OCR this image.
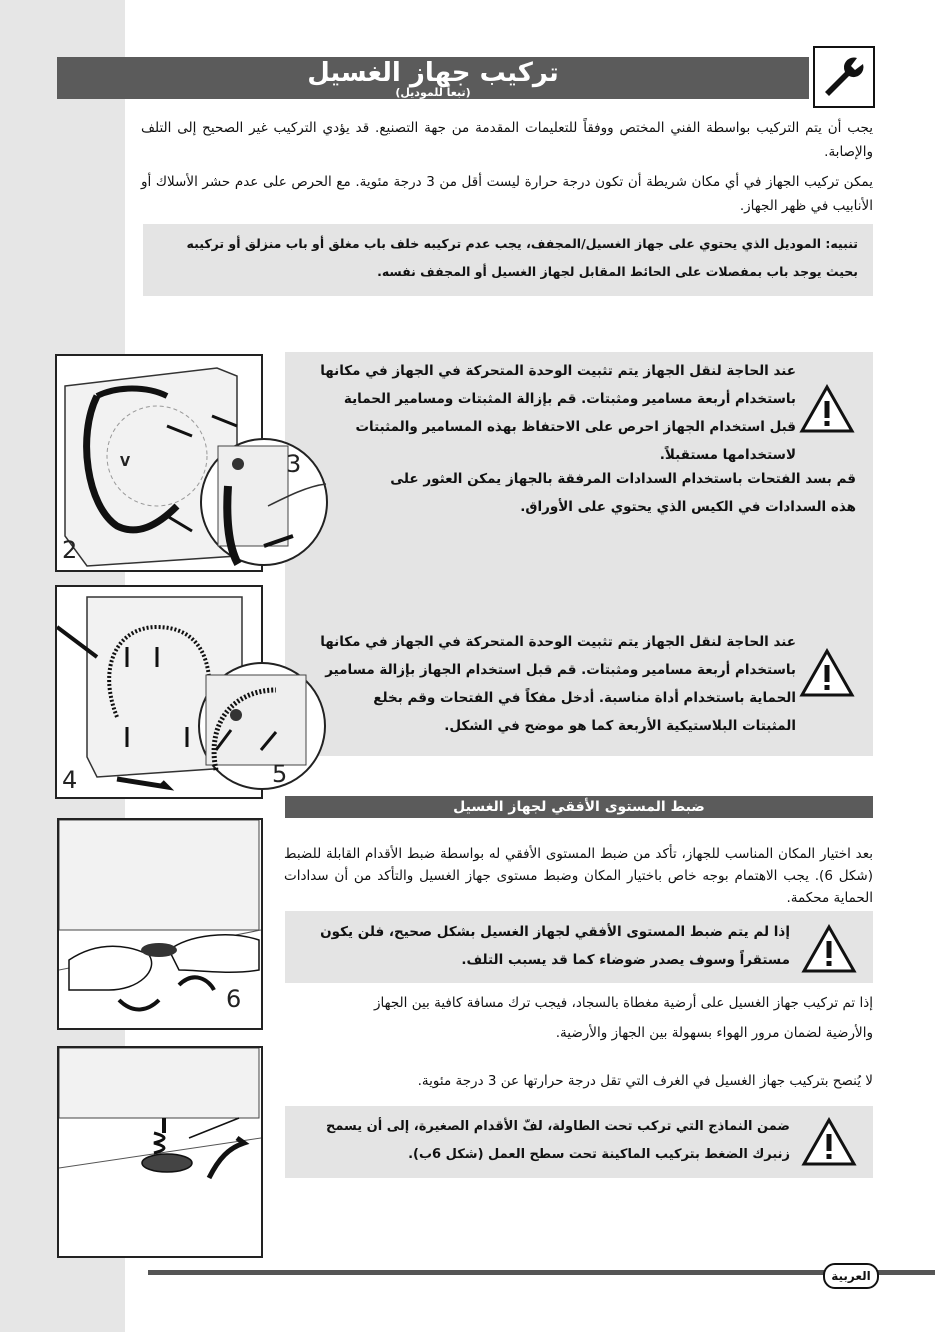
تركيب جهاز الغسيل
(تبعاً للموديل)
يجب أن يتم التركيب بواسطة الفني المختص ووفقاً للتعليمات المقدمة من جهة التصنيع. قد يؤدي التركيب غير الصحيح إلى التلف والإصابة.
يمكن تركيب الجهاز في أي مكان شريطة أن تكون درجة حرارة ليست أقل من 3 درجة مئوية. مع الحرص على عدم حشر الأسلاك أو الأنابيب في ظهر الجهاز.
تنبيه: الموديل الذي يحتوي على جهاز الغسيل/المجفف، يجب عدم تركيبه خلف باب مغلق أو باب منزلق أو تركيبه بحيث يوجد باب بمفصلات على الحائط المقابل لجهاز الغسيل أو المجفف نفسه.
عند الحاجة لنقل الجهاز يتم تثبيت الوحدة المتحركة في الجهاز في مكانها باستخدام أربعة مسامير ومثبتات. قم بإزالة المثبتات ومسامير الحماية قبل استخدام الجهاز احرص على الاحتفاظ بهذه المسامير والمثبتات لاستخدامها مستقبلاً.
قم بسد الفتحات باستخدام السدادات المرفقة بالجهاز يمكن العثور على هذه السدادات في الكيس الذي يحتوي على الأوراق.
عند الحاجة لنقل الجهاز يتم تثبيت الوحدة المتحركة في الجهاز في مكانها باستخدام أربعة مسامير ومثبتات. قم قبل استخدام الجهاز بإزالة مسامير الحماية باستخدام أداة مناسبة. أدخل مفكاً في الفتحات وقم بخلع المثبتات البلاستيكية الأربعة كما هو موضح في الشكل.
2
V	3
4	5
ضبط المستوى الأفقي لجهاز الغسيل
6
بعد اختيار المكان المناسب للجهاز، تأكد من ضبط المستوى الأفقي له بواسطة ضبط الأقدام القابلة للضبط (شكل 6). يجب الاهتمام بوجه خاص باختيار المكان وضبط مستوى جهاز الغسيل والتأكد من أن سدادات الحماية محكمة.
إذا لم يتم ضبط المستوى الأفقي لجهاز الغسيل بشكل صحيح، فلن يكون مستقراً وسوف يصدر ضوضاء كما قد يسبب التلف.
إذا تم تركيب جهاز الغسيل على أرضية مغطاة بالسجاد، فيجب ترك مسافة كافية بين الجهاز
والأرضية لضمان مرور الهواء بسهولة بين الجهاز والأرضية.
لا يُنصح بتركيب جهاز الغسيل في الغرف التي تقل درجة حرارتها عن 3 درجة مئوية.
ضمن النماذج التي تركب تحت الطاولة، لفّ الأقدام الصغيرة، إلى أن يسمح زنبرك الضغط بتركيب الماكينة تحت سطح العمل (شكل 6ب).
العربية
